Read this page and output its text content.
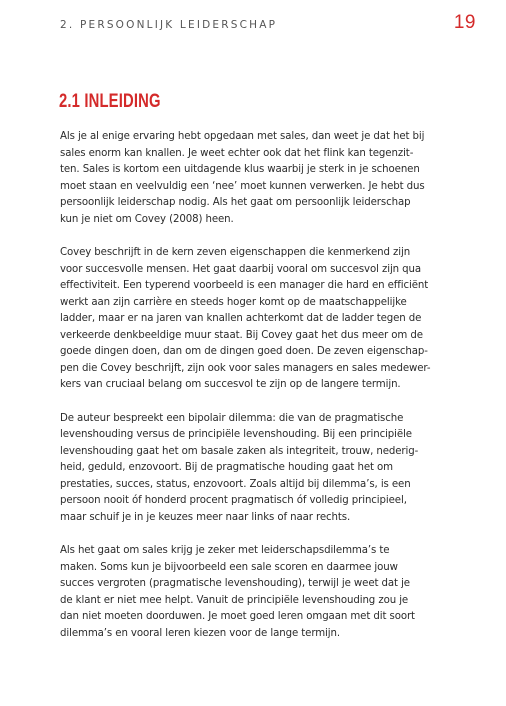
2. PERSOONLIJK LEIDERSCHAP	19
2.1 INLEIDING

Als je al enige ervaring hebt opgedaan met sales, dan weet je dat het bij
sales enorm kan knallen. Je weet echter ook dat het flink kan tegenzit-
ten. Sales is kortom een uitdagende klus waarbij je sterk in je schoenen
moet staan en veelvuldig een ‘nee’ moet kunnen verwerken. Je hebt dus
persoonlijk leiderschap nodig. Als het gaat om persoonlijk leiderschap
kun je niet om Covey (2008) heen.

Covey beschrijft in de kern zeven eigenschappen die kenmerkend zijn
voor succesvolle mensen. Het gaat daarbij vooral om succesvol zijn qua
effectiviteit. Een typerend voorbeeld is een manager die hard en efficiënt
werkt aan zijn carrière en steeds hoger komt op de maatschappelijke
ladder, maar er na jaren van knallen achterkomt dat de ladder tegen de
verkeerde denkbeeldige muur staat. Bij Covey gaat het dus meer om de
goede dingen doen, dan om de dingen goed doen. De zeven eigenschap-
pen die Covey beschrijft, zijn ook voor sales managers en sales medewer-
kers van cruciaal belang om succesvol te zijn op de langere termijn.

De auteur bespreekt een bipolair dilemma: die van de pragmatische
levenshouding versus de principiële levenshouding. Bij een principiële
levenshouding gaat het om basale zaken als integriteit, trouw, nederig-
heid, geduld, enzovoort. Bij de pragmatische houding gaat het om
prestaties, succes, status, enzovoort. Zoals altijd bij dilemma’s, is een
persoon nooit óf honderd procent pragmatisch óf volledig principieel,
maar schuif je in je keuzes meer naar links of naar rechts.

Als het gaat om sales krijg je zeker met leiderschapsdilemma’s te
maken. Soms kun je bijvoorbeeld een sale scoren en daarmee jouw
succes vergroten (pragmatische levenshouding), terwijl je weet dat je
de klant er niet mee helpt. Vanuit de principiële levenshouding zou je
dan niet moeten doorduwen. Je moet goed leren omgaan met dit soort
dilemma’s en vooral leren kiezen voor de lange termijn.
